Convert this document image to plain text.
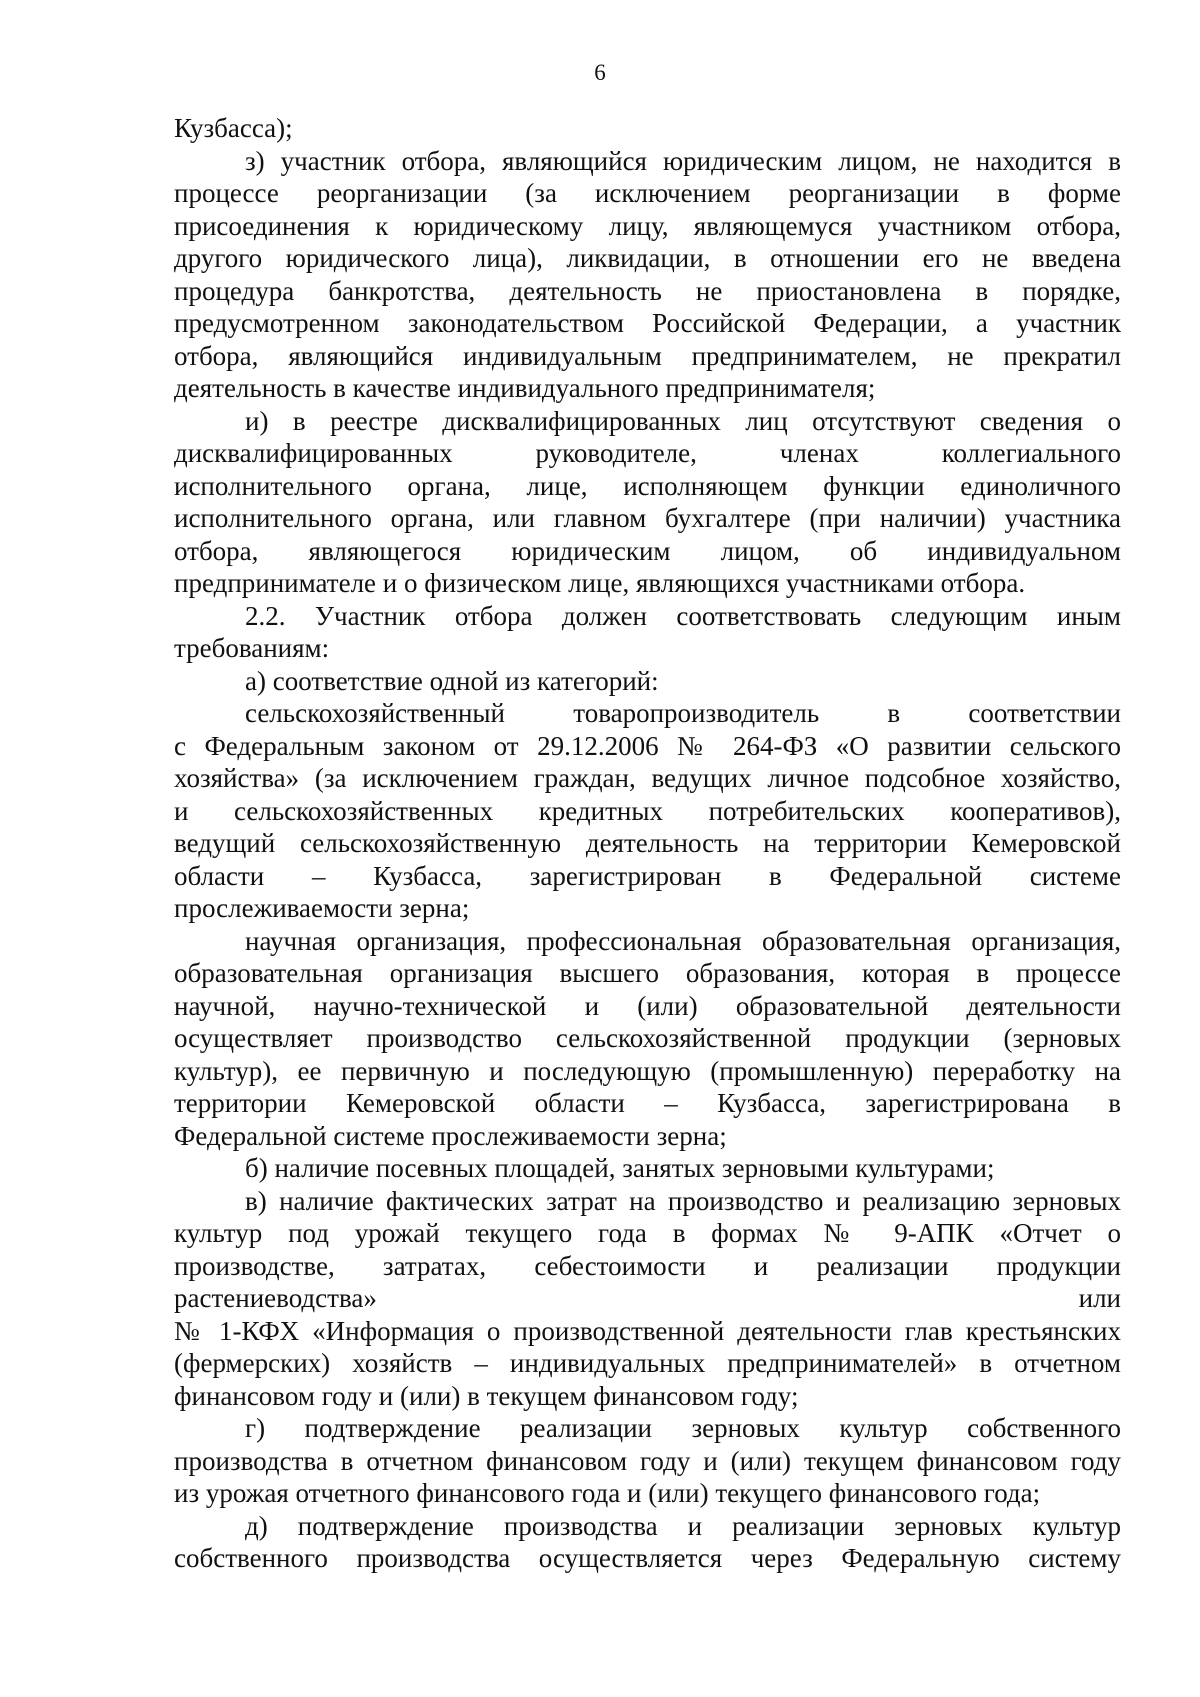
6
Кузбасса);
з) участник отбора, являющийся юридическим лицом, не находится в
процессе реорганизации (за исключением реорганизации в форме
присоединения к юридическому лицу, являющемуся участником отбора,
другого юридического лица), ликвидации, в отношении его не введена
процедура банкротства, деятельность не приостановлена в порядке,
предусмотренном законодательством Российской Федерации, а участник
отбора, являющийся индивидуальным предпринимателем, не прекратил
деятельность в качестве индивидуального предпринимателя;
и) в реестре дисквалифицированных лиц отсутствуют сведения о
дисквалифицированных руководителе, членах коллегиального
исполнительного органа, лице, исполняющем функции единоличного
исполнительного органа, или главном бухгалтере (при наличии) участника
отбора, являющегося юридическим лицом, об индивидуальном
предпринимателе и о физическом лице, являющихся участниками отбора.
2.2. Участник отбора должен соответствовать следующим иным
требованиям:
а) соответствие одной из категорий:
сельскохозяйственный товаропроизводитель в соответствии
с Федеральным законом от 29.12.2006 № 264-ФЗ «О развитии сельского
хозяйства» (за исключением граждан, ведущих личное подсобное хозяйство,
и сельскохозяйственных кредитных потребительских кооперативов),
ведущий сельскохозяйственную деятельность на территории Кемеровской
области – Кузбасса, зарегистрирован в Федеральной системе
прослеживаемости зерна;
научная организация, профессиональная образовательная организация,
образовательная организация высшего образования, которая в процессе
научной, научно-технической и (или) образовательной деятельности
осуществляет производство сельскохозяйственной продукции (зерновых
культур), ее первичную и последующую (промышленную) переработку на
территории Кемеровской области – Кузбасса, зарегистрирована в
Федеральной системе прослеживаемости зерна;
б) наличие посевных площадей, занятых зерновыми культурами;
в) наличие фактических затрат на производство и реализацию зерновых
культур под урожай текущего года в формах № 9-АПК «Отчет о
производстве, затратах, себестоимости и реализации продукции
растениеводства» или
№ 1-КФХ «Информация о производственной деятельности глав крестьянских
(фермерских) хозяйств – индивидуальных предпринимателей» в отчетном
финансовом году и (или) в текущем финансовом году;
г) подтверждение реализации зерновых культур собственного
производства в отчетном финансовом году и (или) текущем финансовом году
из урожая отчетного финансового года и (или) текущего финансового года;
д) подтверждение производства и реализации зерновых культур
собственного производства осуществляется через Федеральную систему
